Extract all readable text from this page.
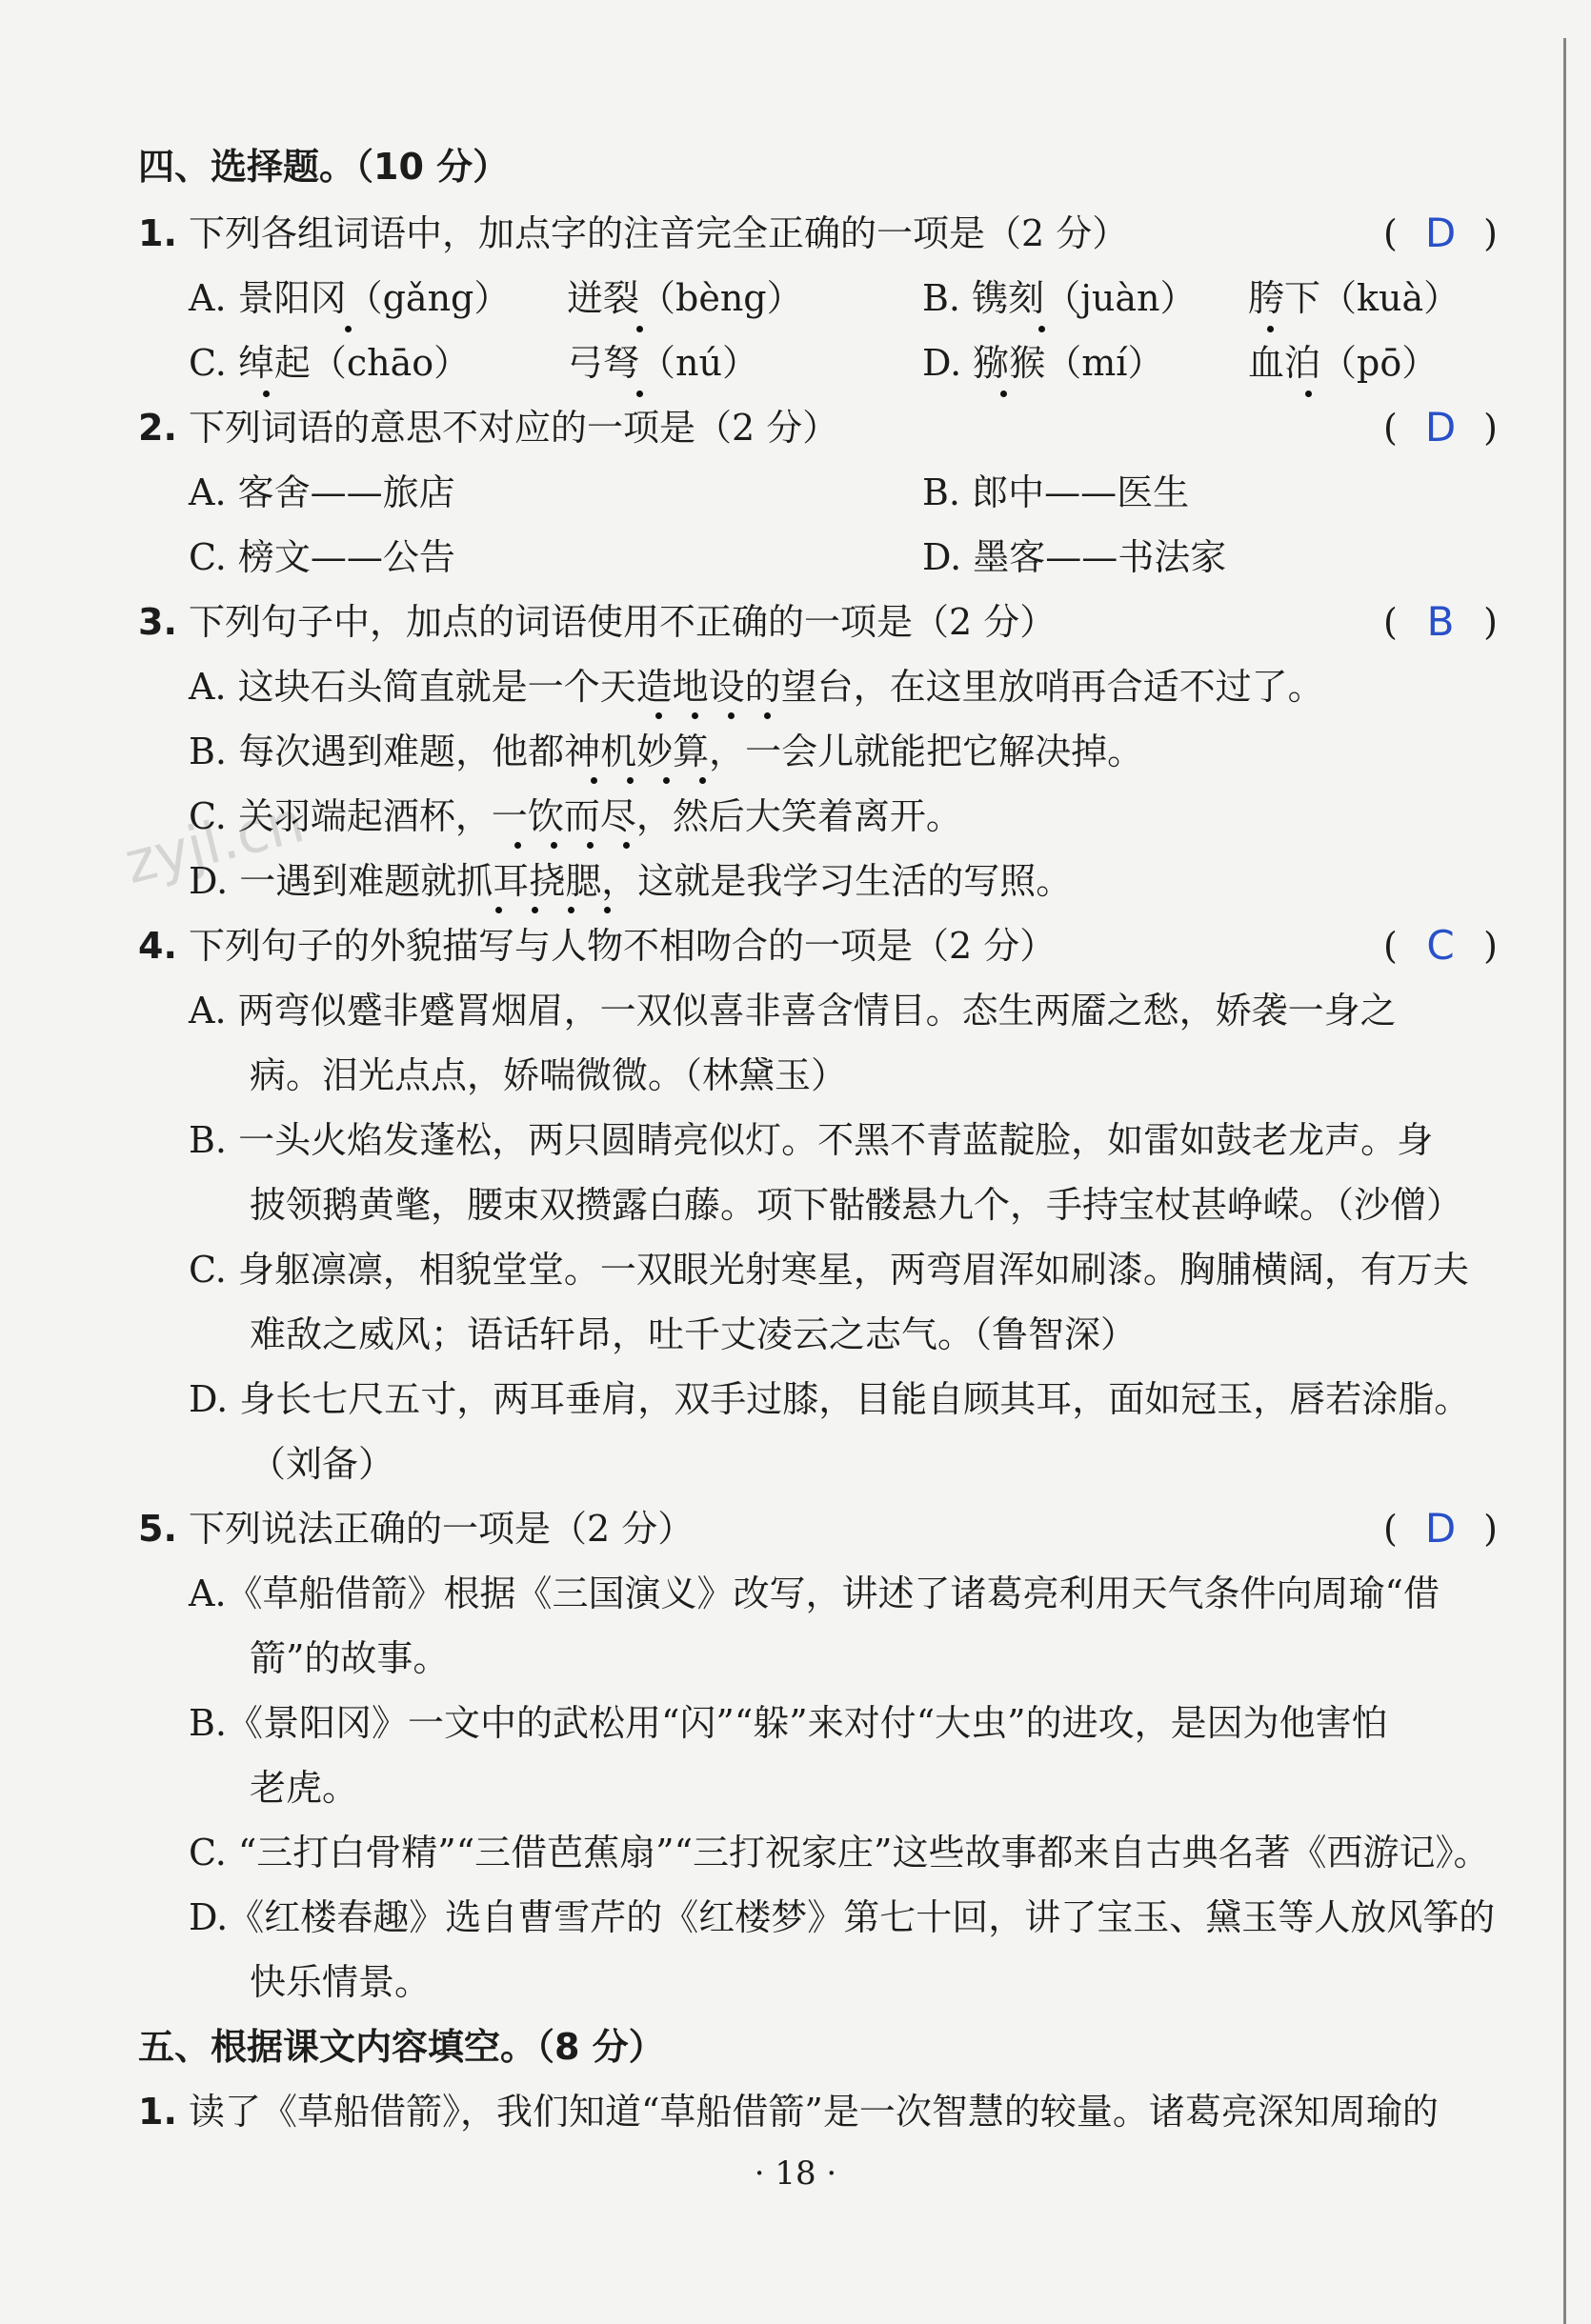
zyjl.cn
四、选择题。（10 分）
1. 下列各组词语中，加点字的注音完全正确的一项是（2 分）	( D )
A. 景阳冈（gǎng） 迸裂（bèng）	B. 镌刻（juàn） 胯下（kuà）
C. 绰起（chāo）	弓弩（nú）	D. 猕猴（mí） 血泊（pō）
2. 下列词语的意思不对应的一项是（2 分）	( D )
A. 客舍——旅店	B. 郎中——医生
C. 榜文——公告	D. 墨客——书法家
3. 下列句子中，加点的词语使用不正确的一项是（2 分）	( B )
A. 这块石头简直就是一个天造地设的望台，在这里放哨再合适不过了。
B. 每次遇到难题，他都神机妙算，一会儿就能把它解决掉。
C. 关羽端起酒杯，一饮而尽，然后大笑着离开。
D. 一遇到难题就抓耳挠腮，这就是我学习生活的写照。
4. 下列句子的外貌描写与人物不相吻合的一项是（2 分）	( C )
A. 两弯似蹙非蹙罥烟眉，一双似喜非喜含情目。态生两靥之愁，娇袭一身之
病。泪光点点，娇喘微微。（林黛玉）
B. 一头火焰发蓬松，两只圆睛亮似灯。不黑不青蓝靛脸，如雷如鼓老龙声。身
披领鹅黄氅，腰束双攒露白藤。项下骷髅悬九个，手持宝杖甚峥嵘。（沙僧）
C. 身躯凛凛，相貌堂堂。一双眼光射寒星，两弯眉浑如刷漆。胸脯横阔，有万夫
难敌之威风；语话轩昂，吐千丈凌云之志气。（鲁智深）
D. 身长七尺五寸，两耳垂肩，双手过膝，目能自顾其耳，面如冠玉，唇若涂脂。
（刘备）
5. 下列说法正确的一项是（2 分）	( D )
A.《草船借箭》根据《三国演义》改写，讲述了诸葛亮利用天气条件向周瑜“借
箭”的故事。
B.《景阳冈》一文中的武松用“闪”“躲”来对付“大虫”的进攻，是因为他害怕
老虎。
C. “三打白骨精”“三借芭蕉扇”“三打祝家庄”这些故事都来自古典名著《西游记》。
D.《红楼春趣》选自曹雪芹的《红楼梦》第七十回，讲了宝玉、黛玉等人放风筝的
快乐情景。
五、根据课文内容填空。（8 分）
1. 读了《草船借箭》，我们知道“草船借箭”是一次智慧的较量。诸葛亮深知周瑜的
· 18 ·
